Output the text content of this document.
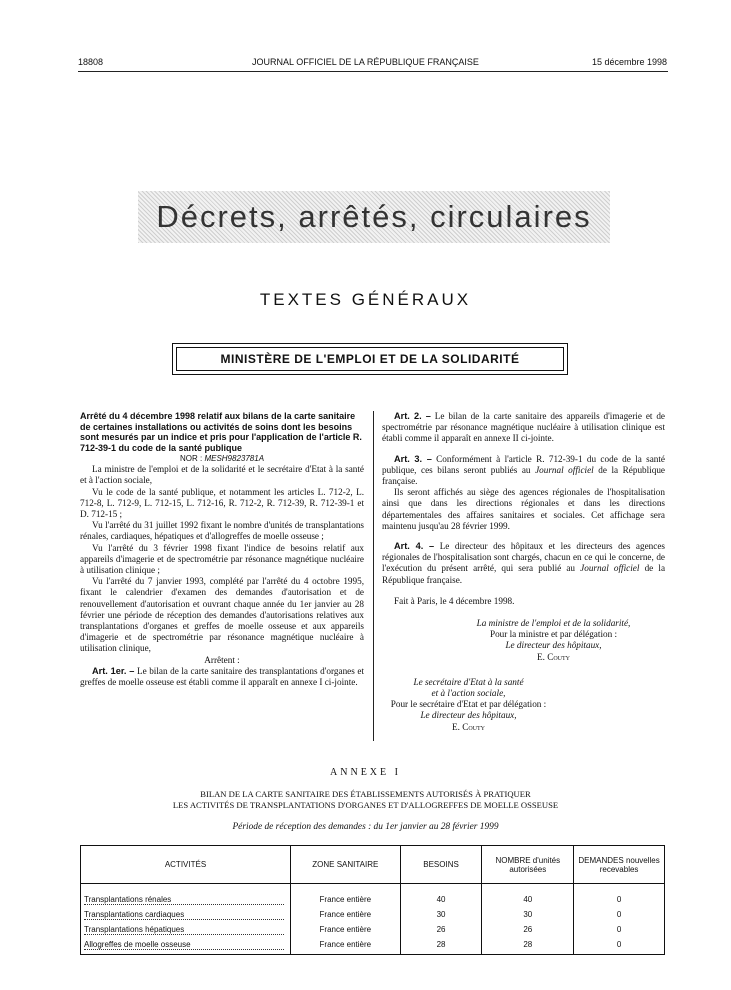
18808	JOURNAL OFFICIEL DE LA RÉPUBLIQUE FRANÇAISE	15 décembre 1998
Décrets, arrêtés, circulaires
TEXTES GÉNÉRAUX
MINISTÈRE DE L'EMPLOI ET DE LA SOLIDARITÉ

Arrêté du 4 décembre 1998 relatif aux bilans de la carte sanitaire de certaines installations ou activités de soins dont les besoins sont mesurés par un indice et pris pour l'application de l'article R. 712-39-1 du code de la santé publique

NOR : MESH9823781A

La ministre de l'emploi et de la solidarité et le secrétaire d'Etat à la santé et à l'action sociale,

Vu le code de la santé publique, et notamment les articles L. 712-2, L. 712-8, L. 712-9, L. 712-15, L. 712-16, R. 712-2, R. 712-39, R. 712-39-1 et D. 712-15 ;

Vu l'arrêté du 31 juillet 1992 fixant le nombre d'unités de transplantations rénales, cardiaques, hépatiques et d'allogreffes de moelle osseuse ;

Vu l'arrêté du 3 février 1998 fixant l'indice de besoins relatif aux appareils d'imagerie et de spectrométrie par résonance magnétique nucléaire à utilisation clinique ;

Vu l'arrêté du 7 janvier 1993, complété par l'arrêté du 4 octobre 1995, fixant le calendrier d'examen des demandes d'autorisation et de renouvellement d'autorisation et ouvrant chaque année du 1er janvier au 28 février une période de réception des demandes d'autorisations relatives aux transplantations d'organes et greffes de moelle osseuse et aux appareils d'imagerie et de spectrométrie par résonance magnétique nucléaire à utilisation clinique,

Arrêtent :

Art. 1er. – Le bilan de la carte sanitaire des transplantations d'organes et greffes de moelle osseuse est établi comme il apparaît en annexe I ci-jointe.

Art. 2. – Le bilan de la carte sanitaire des appareils d'imagerie et de spectrométrie par résonance magnétique nucléaire à utilisation clinique est établi comme il apparaît en annexe II ci-jointe.

Art. 3. – Conformément à l'article R. 712-39-1 du code de la santé publique, ces bilans seront publiés au Journal officiel de la République française.

Ils seront affichés au siège des agences régionales de l'hospitalisation ainsi que dans les directions régionales et dans les directions départementales des affaires sanitaires et sociales. Cet affichage sera maintenu jusqu'au 28 février 1999.

Art. 4. – Le directeur des hôpitaux et les directeurs des agences régionales de l'hospitalisation sont chargés, chacun en ce qui le concerne, de l'exécution du présent arrêté, qui sera publié au Journal officiel de la République française.

Fait à Paris, le 4 décembre 1998.

La ministre de l'emploi et de la solidarité,

Pour la ministre et par délégation :

Le directeur des hôpitaux,

E. Couty

Le secrétaire d'Etat à la santé

et à l'action sociale,

Pour le secrétaire d'Etat et par délégation :

Le directeur des hôpitaux,

E. Couty

ANNEXE I
BILAN DE LA CARTE SANITAIRE DES ÉTABLISSEMENTS AUTORISÉS À PRATIQUER
LES ACTIVITÉS DE TRANSPLANTATIONS D'ORGANES ET D'ALLOGREFFES DE MOELLE OSSEUSE
Période de réception des demandes : du 1er janvier au 28 février 1999
ACTIVITÉS	ZONE SANITAIRE	BESOINS	NOMBRE d'unités autorisées	DEMANDES nouvelles recevables
Transplantations rénales	France entière	40	40	0
Transplantations cardiaques	France entière	30	30	0
Transplantations hépatiques	France entière	26	26	0
Allogreffes de moelle osseuse	France entière	28	28	0
